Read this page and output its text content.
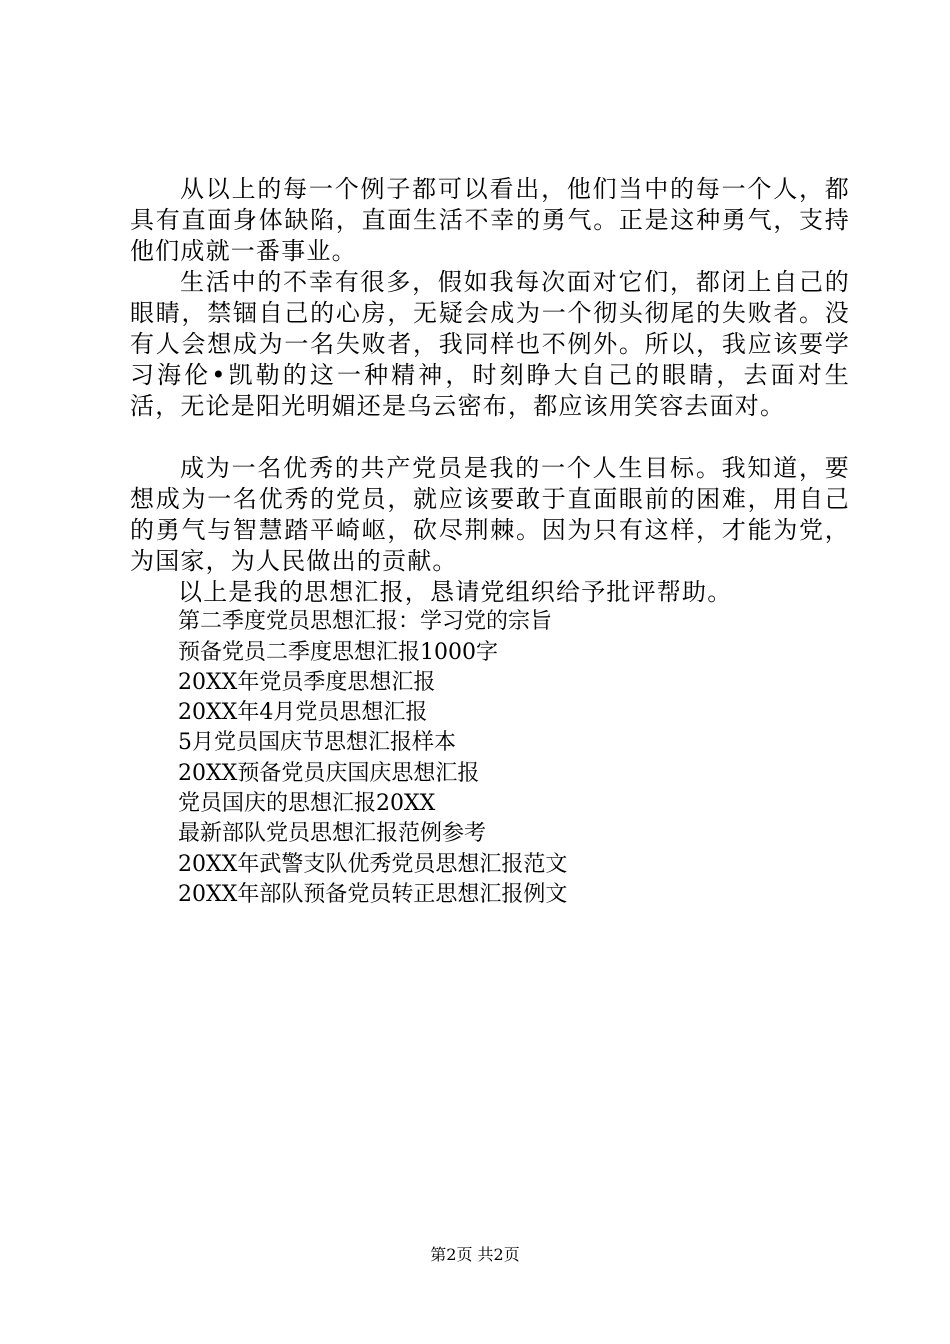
从以上的每一个例子都可以看出，他们当中的每一个人，都具有直面身体缺陷，直面生活不幸的勇气。正是这种勇气，支持他们成就一番事业。

生活中的不幸有很多，假如我每次面对它们，都闭上自己的眼睛，禁锢自己的心房，无疑会成为一个彻头彻尾的失败者。没有人会想成为一名失败者，我同样也不例外。所以，我应该要学习海伦•凯勒的这一种精神，时刻睁大自己的眼睛，去面对生活，无论是阳光明媚还是乌云密布，都应该用笑容去面对。

成为一名优秀的共产党员是我的一个人生目标。我知道，要想成为一名优秀的党员，就应该要敢于直面眼前的困难，用自己的勇气与智慧踏平崎岖，砍尽荆棘。因为只有这样，才能为党，为国家，为人民做出的贡献。

以上是我的思想汇报，恳请党组织给予批评帮助。

第二季度党员思想汇报：学习党的宗旨

预备党员二季度思想汇报1000字

20XX年党员季度思想汇报

20XX年4月党员思想汇报

5月党员国庆节思想汇报样本

20XX预备党员庆国庆思想汇报

党员国庆的思想汇报20XX

最新部队党员思想汇报范例参考

20XX年武警支队优秀党员思想汇报范文

20XX年部队预备党员转正思想汇报例文

第2页 共2页
